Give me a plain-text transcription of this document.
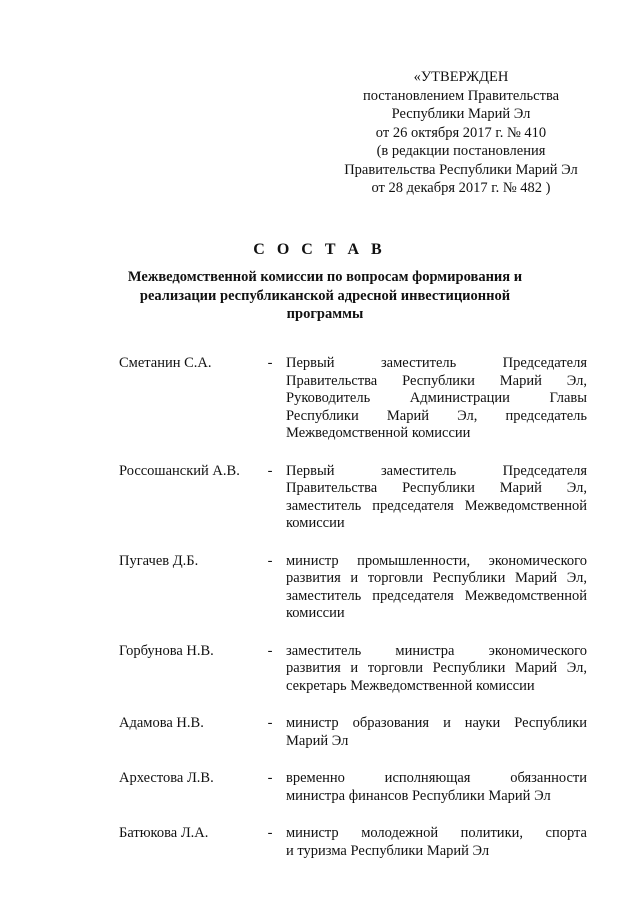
«УТВЕРЖДЕН
постановлением Правительства
Республики Марий Эл
от 26 октября 2017 г. № 410
(в редакции постановления
Правительства Республики Марий Эл
от 28 декабря 2017 г. № 482 )
С О С Т А В
Межведомственной комиссии по вопросам формирования и
реализации республиканской адресной инвестиционной программы
Сметанин С.А.	- Первый заместитель Председателя
Правительства Республики Марий Эл,
Руководитель Администрации Главы
Республики Марий Эл, председатель
Межведомственной комиссии
Россошанский А.В.	- Первый заместитель Председателя
Правительства Республики Марий Эл,
заместитель председателя Межведомственной
комиссии
Пугачев Д.Б.	- министр промышленности, экономического
развития и торговли Республики Марий Эл,
заместитель председателя Межведомственной
комиссии
Горбунова Н.В.	- заместитель министра экономического
развития и торговли Республики Марий Эл,
секретарь Межведомственной комиссии
Адамова Н.В.	- министр образования и науки Республики
Марий Эл
Архестова Л.В.	- временно исполняющая обязанности
министра финансов Республики Марий Эл
Батюкова Л.А.	- министр молодежной политики, спорта
и туризма Республики Марий Эл
